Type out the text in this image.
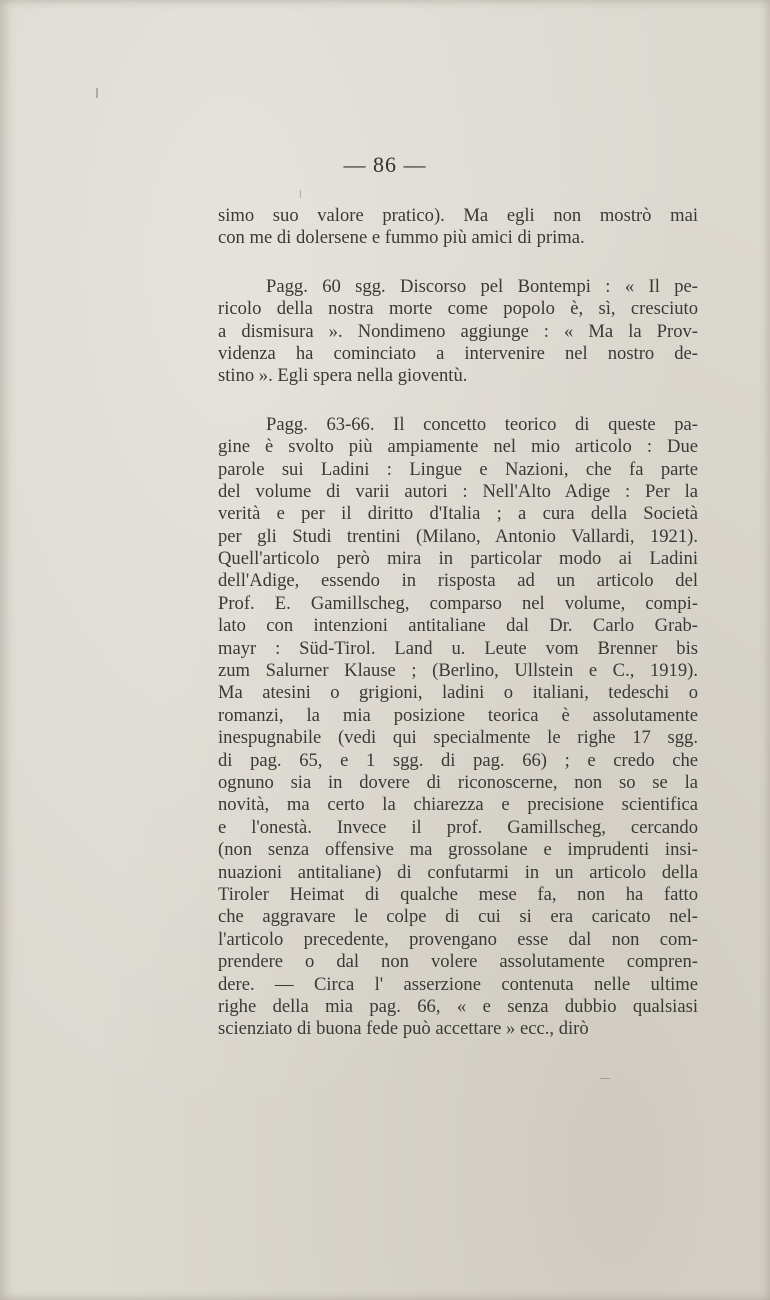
— 86 —
simo suo valore pratico). Ma egli non mostrò mai
con me di dolersene e fummo più amici di prima.
Pagg. 60 sgg. Discorso pel Bontempi : « Il pe-
ricolo della nostra morte come popolo è, sì, cresciuto
a dismisura ». Nondimeno aggiunge : « Ma la Prov-
videnza ha cominciato a intervenire nel nostro de-
stino ». Egli spera nella gioventù.
Pagg. 63-66. Il concetto teorico di queste pa-
gine è svolto più ampiamente nel mio articolo : Due
parole sui Ladini : Lingue e Nazioni, che fa parte
del volume di varii autori : Nell'Alto Adige : Per la
verità e per il diritto d'Italia ; a cura della Società
per gli Studi trentini (Milano, Antonio Vallardi, 1921).
Quell'articolo però mira in particolar modo ai Ladini
dell'Adige, essendo in risposta ad un articolo del
Prof. E. Gamillscheg, comparso nel volume, compi-
lato con intenzioni antitaliane dal Dr. Carlo Grab-
mayr : Süd-Tirol. Land u. Leute vom Brenner bis
zum Salurner Klause ; (Berlino, Ullstein e C., 1919).
Ma atesini o grigioni, ladini o italiani, tedeschi o
romanzi, la mia posizione teorica è assolutamente
inespugnabile (vedi qui specialmente le righe 17 sgg.
di pag. 65, e 1 sgg. di pag. 66) ; e credo che
ognuno sia in dovere di riconoscerne, non so se la
novità, ma certo la chiarezza e precisione scientifica
e l'onestà. Invece il prof. Gamillscheg, cercando
(non senza offensive ma grossolane e imprudenti insi-
nuazioni antitaliane) di confutarmi in un articolo della
Tiroler Heimat di qualche mese fa, non ha fatto
che aggravare le colpe di cui si era caricato nel-
l'articolo precedente, provengano esse dal non com-
prendere o dal non volere assolutamente compren-
dere. — Circa l' asserzione contenuta nelle ultime
righe della mia pag. 66, « e senza dubbio qualsiasi
scienziato di buona fede può accettare » ecc., dirò
